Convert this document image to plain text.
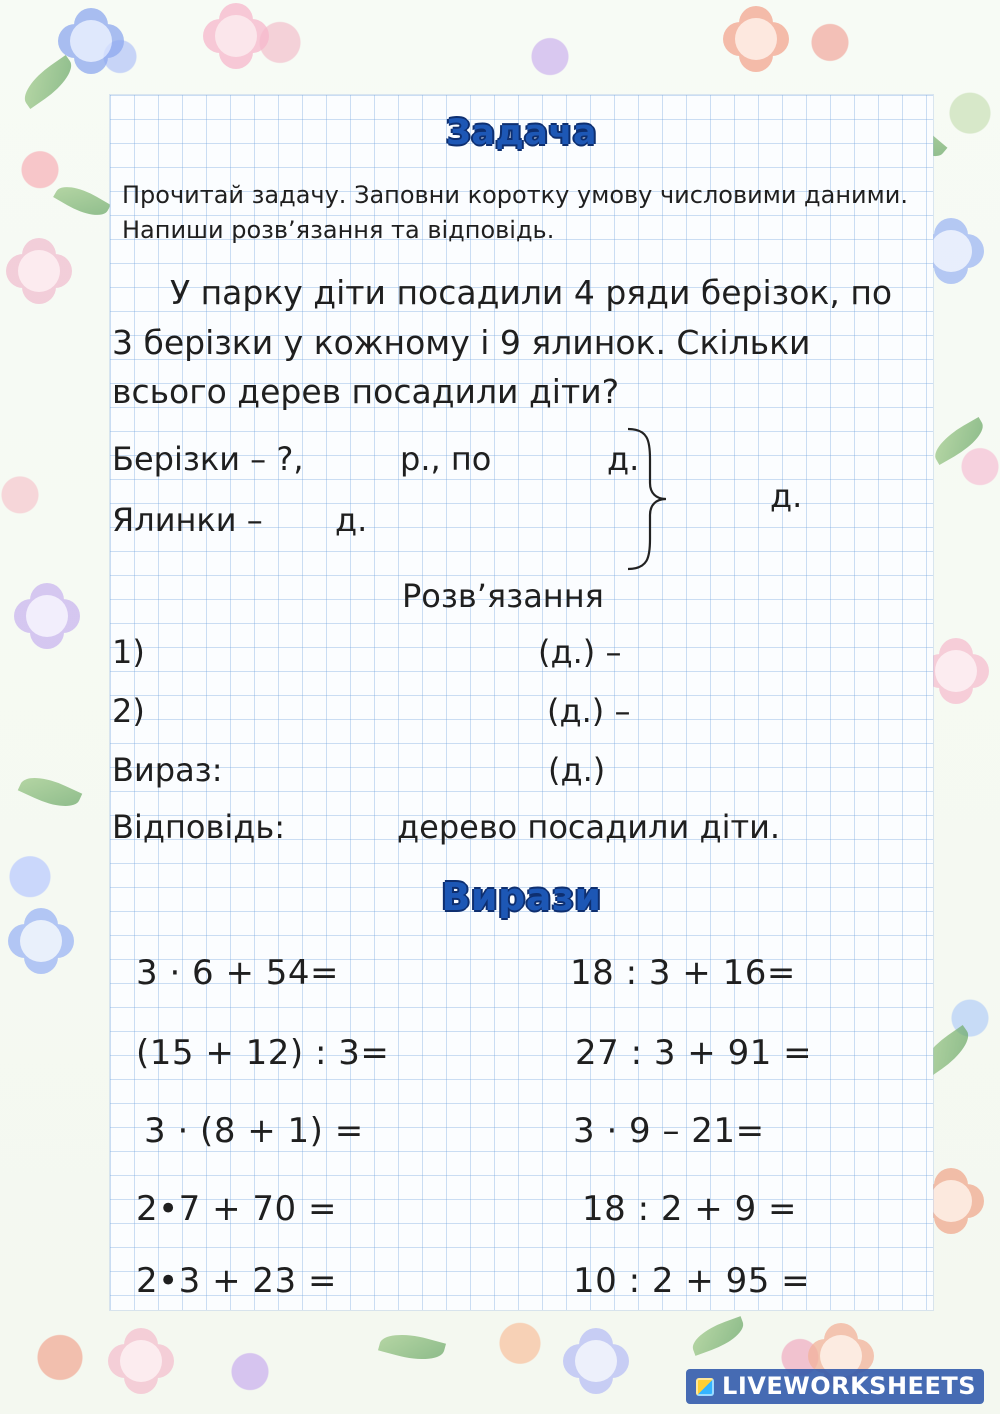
Задача
Прочитай задачу. Заповни коротку умову числовими даними. Напиши розв’язання та відповідь.
У парку діти посадили 4 ряди берізок, по 3 берізки у кожному і 9 ялинок. Скільки всього дерев посадили діти?
Берізки – ?,	р., по	д.
Ялинки – д.
д.
Розв’язання
1)	(д.) –
2)	(д.) –
Вираз:	(д.)
Відповідь:	дерево посадили діти.
Вирази
3 · 6 + 54=	18 : 3 + 16=
(15 + 12) : 3=	27 : 3 + 91 =
3 · (8 + 1) =	3 · 9 – 21=
2•7 + 70 =	18 : 2 + 9 =
2•3 + 23 =	10 : 2 + 95 =
LIVEWORKSHEETS
